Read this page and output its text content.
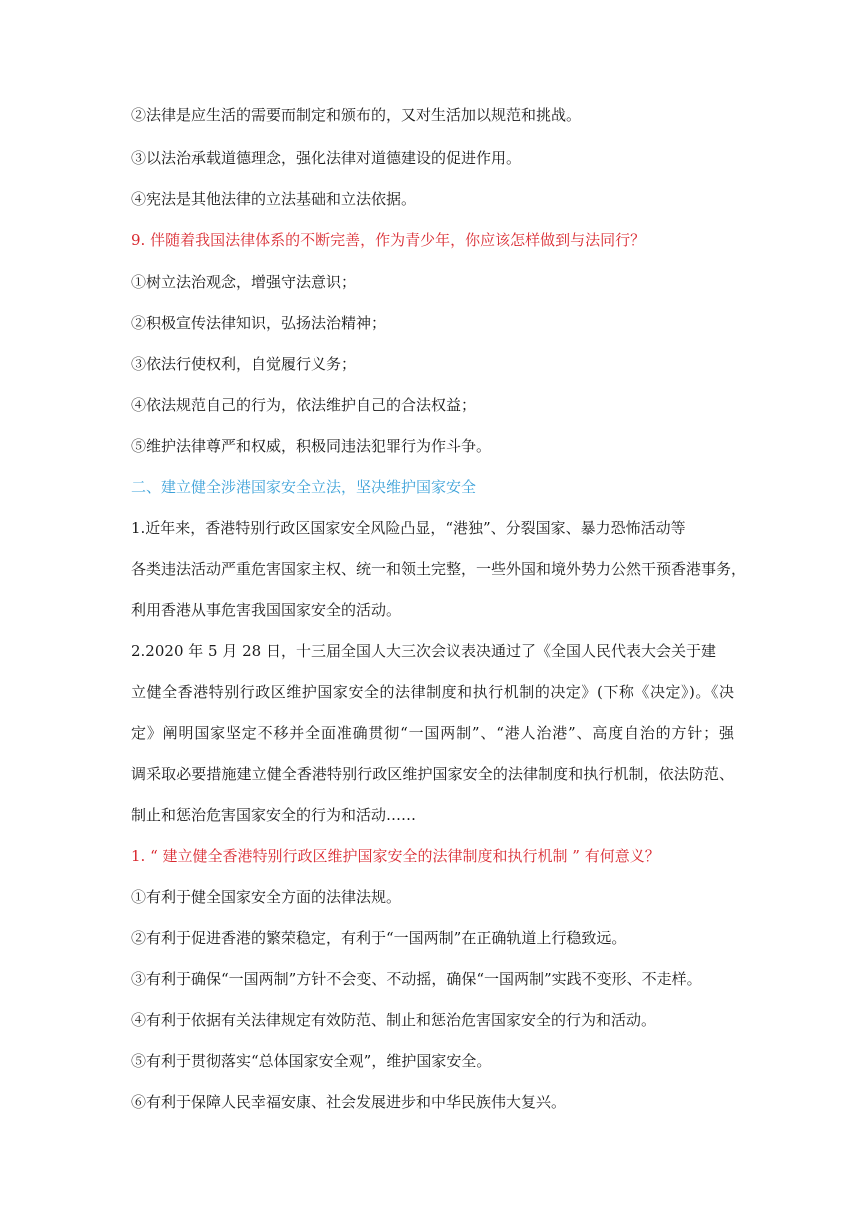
②法律是应生活的需要而制定和颁布的，又对生活加以规范和挑战。
③以法治承载道德理念，强化法律对道德建设的促进作用。
④宪法是其他法律的立法基础和立法依据。
9. 伴随着我国法律体系的不断完善，作为青少年，你应该怎样做到与法同行？
①树立法治观念，增强守法意识；
②积极宣传法律知识，弘扬法治精神；
③依法行使权利，自觉履行义务；
④依法规范自己的行为，依法维护自己的合法权益；
⑤维护法律尊严和权威，积极同违法犯罪行为作斗争。
二、建立健全涉港国家安全立法，坚决维护国家安全
1.近年来，香港特别行政区国家安全风险凸显，“港独”、分裂国家、暴力恐怖活动等
各类违法活动严重危害国家主权、统一和领土完整，一些外国和境外势力公然干预香港事务，
利用香港从事危害我国国家安全的活动。
2.2020 年 5 月 28 日，十三届全国人大三次会议表决通过了《全国人民代表大会关于建
立健全香港特别行政区维护国家安全的法律制度和执行机制的决定》(下称《决定》)。《决
定》阐明国家坚定不移并全面准确贯彻“一国两制”、“港人治港”、高度自治的方针；强
调采取必要措施建立健全香港特别行政区维护国家安全的法律制度和执行机制，依法防范、
制止和惩治危害国家安全的行为和活动……
1. “ 建立健全香港特别行政区维护国家安全的法律制度和执行机制 ” 有何意义？
①有利于健全国家安全方面的法律法规。
②有利于促进香港的繁荣稳定，有利于“一国两制”在正确轨道上行稳致远。
③有利于确保“一国两制”方针不会变、不动摇，确保“一国两制”实践不变形、不走样。
④有利于依据有关法律规定有效防范、制止和惩治危害国家安全的行为和活动。
⑤有利于贯彻落实“总体国家安全观”，维护国家安全。
⑥有利于保障人民幸福安康、社会发展进步和中华民族伟大复兴。
